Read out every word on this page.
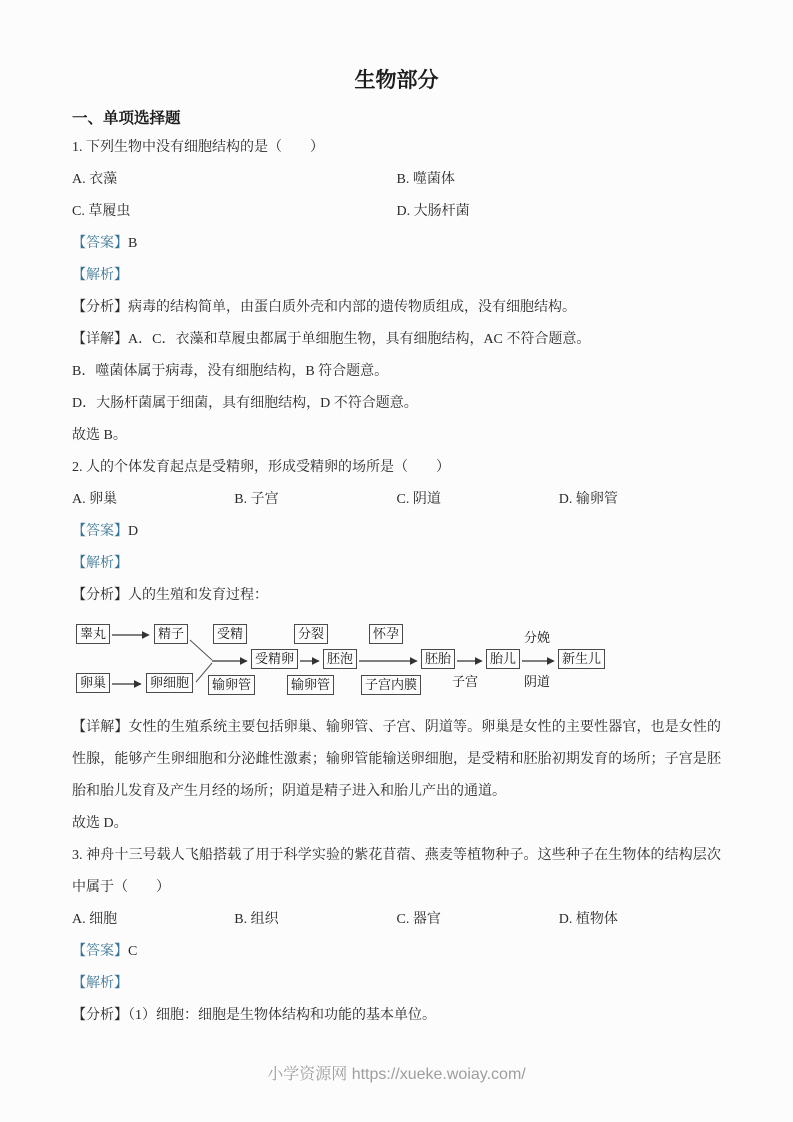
生物部分
一、单项选择题

1. 下列生物中没有细胞结构的是（　　）

A. 衣藻	B. 噬菌体
C. 草履虫	D. 大肠杆菌

【答案】B

【解析】

【分析】病毒的结构简单，由蛋白质外壳和内部的遗传物质组成，没有细胞结构。

【详解】A．C．衣藻和草履虫都属于单细胞生物，具有细胞结构，AC 不符合题意。

B．噬菌体属于病毒，没有细胞结构，B 符合题意。

D．大肠杆菌属于细菌，具有细胞结构，D 不符合题意。

故选 B。

2. 人的个体发育起点是受精卵，形成受精卵的场所是（　　）

A. 卵巢	B. 子宫	C. 阴道	D. 输卵管

【答案】D

【解析】

【分析】人的生殖和发育过程：

睾丸	精子
卵巢	卵细胞
受精
输卵管
受精卵
分裂
输卵管
胚泡
怀孕
子宫内膜
胚胎
子宫
胎儿
分娩
阴道
新生儿

【详解】女性的生殖系统主要包括卵巢、输卵管、子宫、阴道等。卵巢是女性的主要性器官，也是女性的性腺，能够产生卵细胞和分泌雌性激素；输卵管能输送卵细胞，是受精和胚胎初期发育的场所；子宫是胚胎和胎儿发育及产生月经的场所；阴道是精子进入和胎儿产出的通道。

故选 D。

3. 神舟十三号载人飞船搭载了用于科学实验的紫花苜蓿、燕麦等植物种子。这些种子在生物体的结构层次中属于（　　）

A. 细胞	B. 组织	C. 器官	D. 植物体

【答案】C

【解析】

【分析】（1）细胞：细胞是生物体结构和功能的基本单位。

小学资源网 https://xueke.woiay.com/
